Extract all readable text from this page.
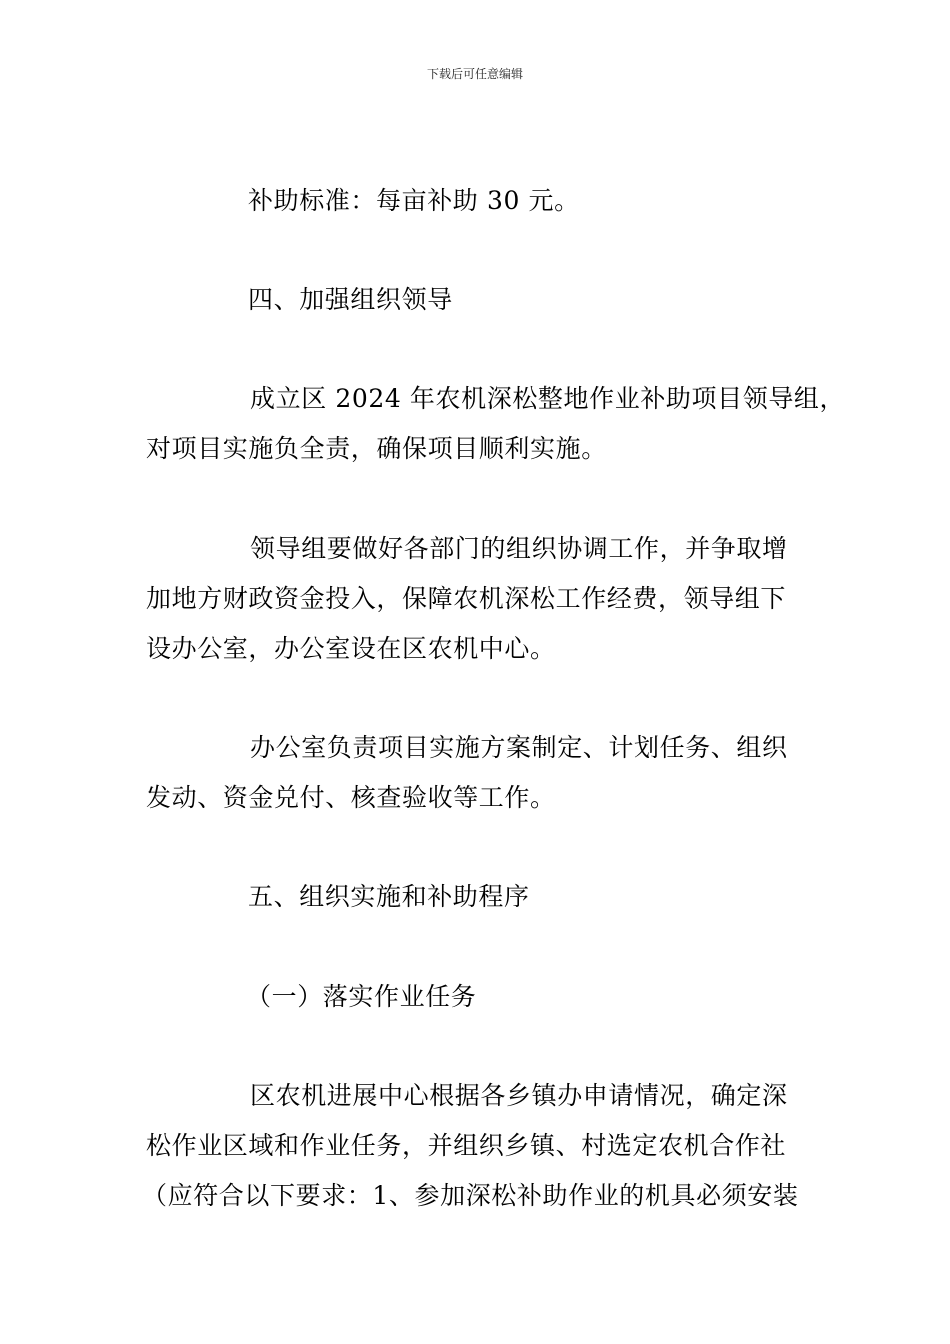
下载后可任意编辑
补助标准：每亩补助 30 元。
四、加强组织领导
成立区 2024 年农机深松整地作业补助项目领导组，
对项目实施负全责，确保项目顺利实施。
领导组要做好各部门的组织协调工作，并争取增
加地方财政资金投入，保障农机深松工作经费，领导组下
设办公室，办公室设在区农机中心。
办公室负责项目实施方案制定、计划任务、组织
发动、资金兑付、核查验收等工作。
五、组织实施和补助程序
（一）落实作业任务
区农机进展中心根据各乡镇办申请情况，确定深
松作业区域和作业任务，并组织乡镇、村选定农机合作社
（应符合以下要求：1、参加深松补助作业的机具必须安装
